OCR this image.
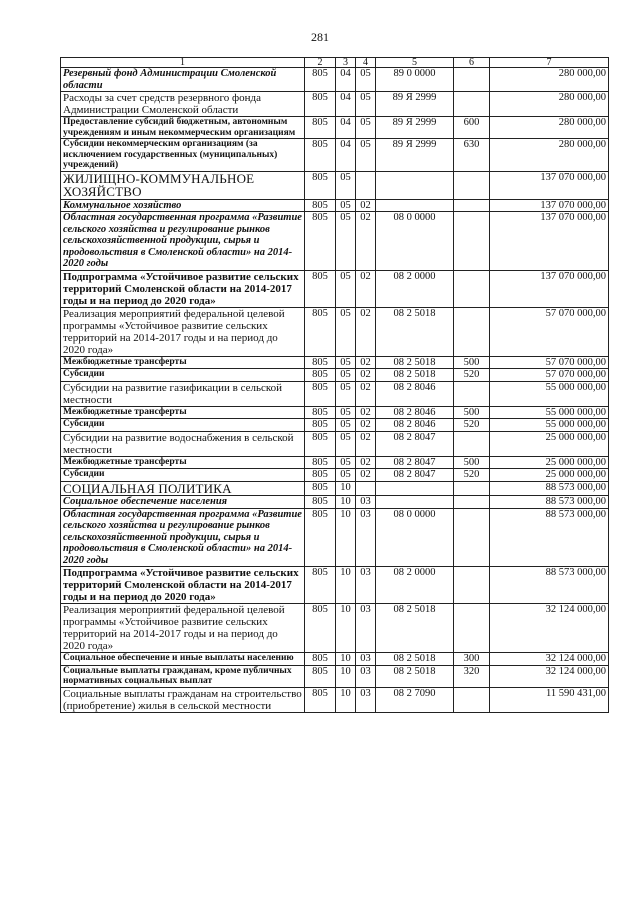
281
1	2	3	4	5	6	7
Резервный фонд Администрации Смоленской области	805	04	05	89 0 0000		280 000,00
Расходы за счет средств резервного фонда Администрации Смоленской области	805	04	05	89 Я 2999		280 000,00
Предоставление субсидий бюджетным, автономным учреждениям и иным некоммерческим организациям	805	04	05	89 Я 2999	600	280 000,00
Субсидии некоммерческим организациям (за исключением государственных (муниципальных) учреждений)	805	04	05	89 Я 2999	630	280 000,00
ЖИЛИЩНО-КОММУНАЛЬНОЕ ХОЗЯЙСТВО	805	05				137 070 000,00
Коммунальное хозяйство	805	05	02			137 070 000,00
Областная государственная программа «Развитие сельского хозяйства и регулирование рынков сельскохозяйственной продукции, сырья и продовольствия в Смоленской области» на 2014-2020 годы	805	05	02	08 0 0000		137 070 000,00
Подпрограмма «Устойчивое развитие сельских территорий Смоленской области на 2014-2017 годы и на период до 2020 года»	805	05	02	08 2 0000		137 070 000,00
Реализация мероприятий федеральной целевой программы «Устойчивое развитие сельских территорий на 2014-2017 годы и на период до 2020 года»	805	05	02	08 2 5018		57 070 000,00
Межбюджетные трансферты	805	05	02	08 2 5018	500	57 070 000,00
Субсидии	805	05	02	08 2 5018	520	57 070 000,00
Субсидии на развитие газификации в сельской местности	805	05	02	08 2 8046		55 000 000,00
Межбюджетные трансферты	805	05	02	08 2 8046	500	55 000 000,00
Субсидии	805	05	02	08 2 8046	520	55 000 000,00
Субсидии на развитие водоснабжения в сельской местности	805	05	02	08 2 8047		25 000 000,00
Межбюджетные трансферты	805	05	02	08 2 8047	500	25 000 000,00
Субсидии	805	05	02	08 2 8047	520	25 000 000,00
СОЦИАЛЬНАЯ ПОЛИТИКА	805	10				88 573 000,00
Социальное обеспечение населения	805	10	03			88 573 000,00
Областная государственная программа «Развитие сельского хозяйства и регулирование рынков сельскохозяйственной продукции, сырья и продовольствия в Смоленской области» на 2014-2020 годы	805	10	03	08 0 0000		88 573 000,00
Подпрограмма «Устойчивое развитие сельских территорий Смоленской области на 2014-2017 годы и на период до 2020 года»	805	10	03	08 2 0000		88 573 000,00
Реализация мероприятий федеральной целевой программы «Устойчивое развитие сельских территорий на 2014-2017 годы и на период до 2020 года»	805	10	03	08 2 5018		32 124 000,00
Социальное обеспечение и иные выплаты населению	805	10	03	08 2 5018	300	32 124 000,00
Социальные выплаты гражданам, кроме публичных нормативных социальных выплат	805	10	03	08 2 5018	320	32 124 000,00
Социальные выплаты гражданам на строительство (приобретение) жилья в сельской местности	805	10	03	08 2 7090		11 590 431,00
